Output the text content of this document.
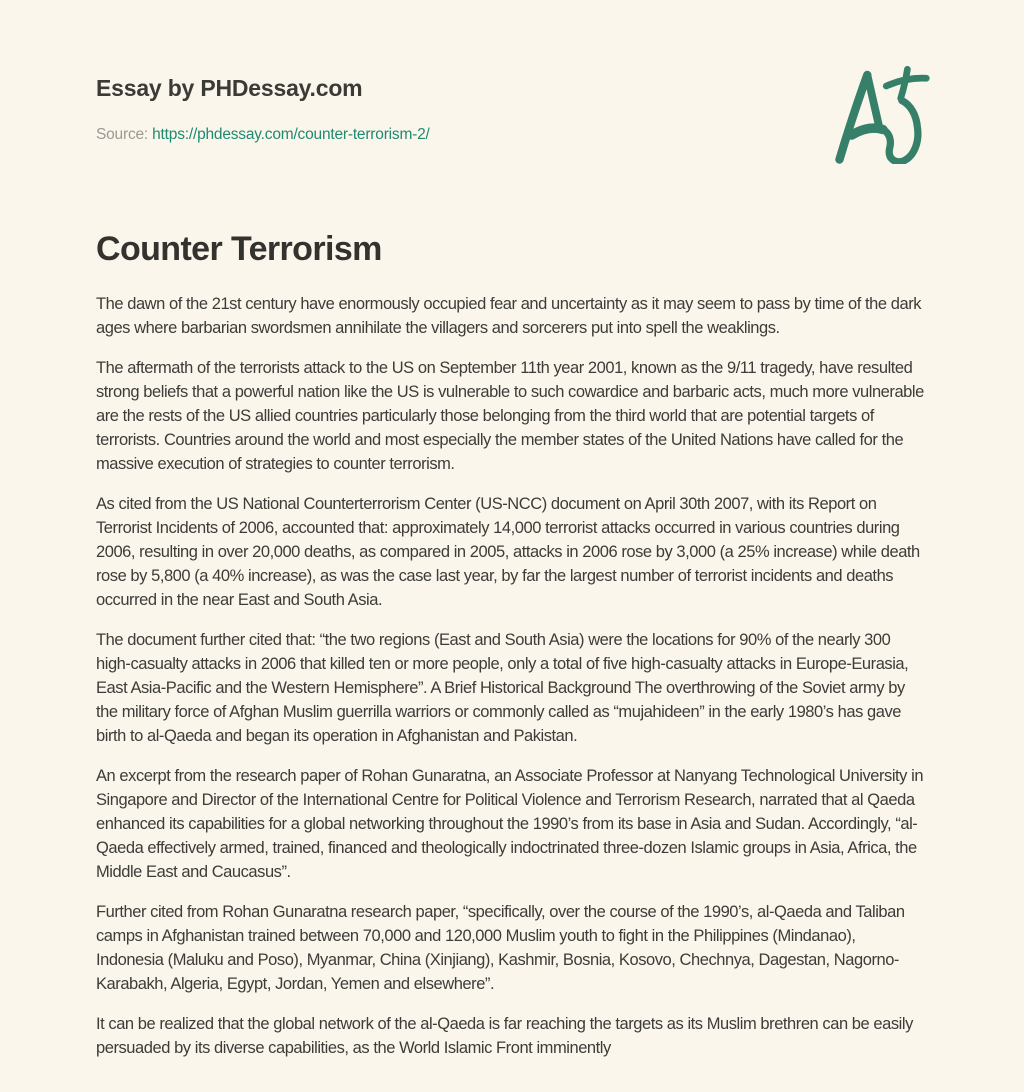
Essay by PHDessay.com

Source: https://phdessay.com/counter-terrorism-2/

Counter Terrorism

The dawn of the 21st century have enormously occupied fear and uncertainty as it may seem to pass by time of the dark ages where barbarian swordsmen annihilate the villagers and sorcerers put into spell the weaklings.

The aftermath of the terrorists attack to the US on September 11th year 2001, known as the 9/11 tragedy, have resulted strong beliefs that a powerful nation like the US is vulnerable to such cowardice and barbaric acts, much more vulnerable are the rests of the US allied countries particularly those belonging from the third world that are potential targets of terrorists. Countries around the world and most especially the member states of the United Nations have called for the massive execution of strategies to counter terrorism.

As cited from the US National Counterterrorism Center (US-NCC) document on April 30th 2007, with its Report on Terrorist Incidents of 2006, accounted that: approximately 14,000 terrorist attacks occurred in various countries during 2006, resulting in over 20,000 deaths, as compared in 2005, attacks in 2006 rose by 3,000 (a 25% increase) while death rose by 5,800 (a 40% increase), as was the case last year, by far the largest number of terrorist incidents and deaths occurred in the near East and South Asia.

The document further cited that: “the two regions (East and South Asia) were the locations for 90% of the nearly 300 high-casualty attacks in 2006 that killed ten or more people, only a total of five high-casualty attacks in Europe-Eurasia, East Asia-Pacific and the Western Hemisphere”. A Brief Historical Background The overthrowing of the Soviet army by the military force of Afghan Muslim guerrilla warriors or commonly called as “mujahideen” in the early 1980’s has gave birth to al-Qaeda and began its operation in Afghanistan and Pakistan.

An excerpt from the research paper of Rohan Gunaratna, an Associate Professor at Nanyang Technological University in Singapore and Director of the International Centre for Political Violence and Terrorism Research, narrated that al Qaeda enhanced its capabilities for a global networking throughout the 1990’s from its base in Asia and Sudan. Accordingly, “al-Qaeda effectively armed, trained, financed and theologically indoctrinated three-dozen Islamic groups in Asia, Africa, the Middle East and Caucasus”.

Further cited from Rohan Gunaratna research paper, “specifically, over the course of the 1990’s, al-Qaeda and Taliban camps in Afghanistan trained between 70,000 and 120,000 Muslim youth to fight in the Philippines (Mindanao), Indonesia (Maluku and Poso), Myanmar, China (Xinjiang), Kashmir, Bosnia, Kosovo, Chechnya, Dagestan, Nagorno-Karabakh, Algeria, Egypt, Jordan, Yemen and elsewhere”.

It can be realized that the global network of the al-Qaeda is far reaching the targets as its Muslim brethren can be easily persuaded by its diverse capabilities, as the World Islamic Front imminently
